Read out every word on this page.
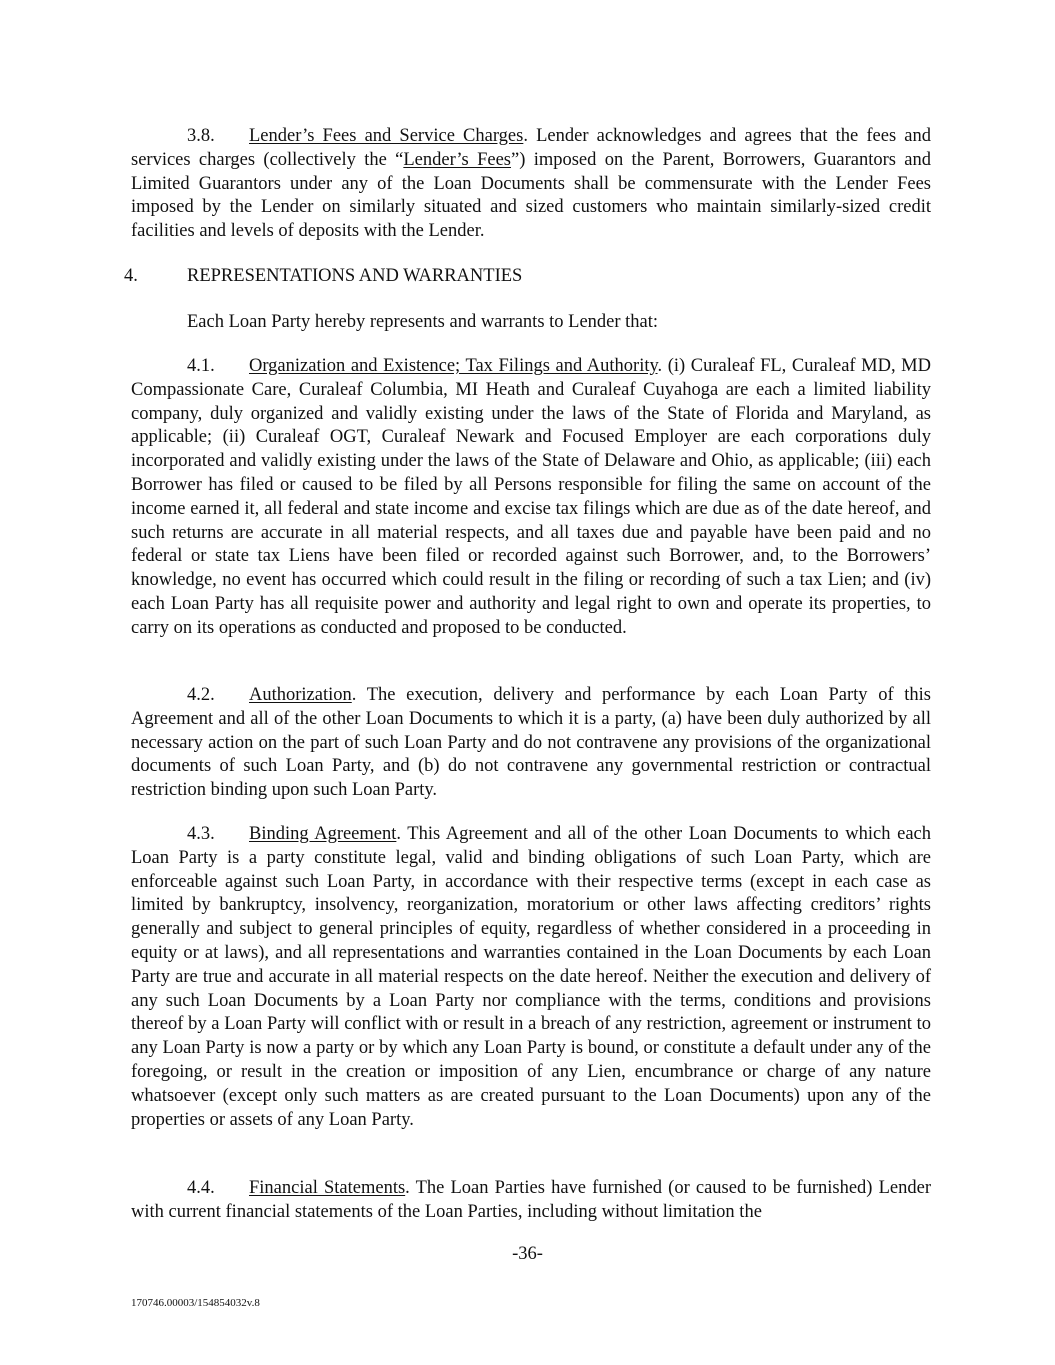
3.8. Lender’s Fees and Service Charges. Lender acknowledges and agrees that the fees and services charges (collectively the “Lender’s Fees”) imposed on the Parent, Borrowers, Guarantors and Limited Guarantors under any of the Loan Documents shall be commensurate with the Lender Fees imposed by the Lender on similarly situated and sized customers who maintain similarly-sized credit facilities and levels of deposits with the Lender.

4.	REPRESENTATIONS AND WARRANTIES

Each Loan Party hereby represents and warrants to Lender that:

4.1. Organization and Existence; Tax Filings and Authority. (i) Curaleaf FL, Curaleaf MD, MD Compassionate Care, Curaleaf Columbia, MI Heath and Curaleaf Cuyahoga are each a limited liability company, duly organized and validly existing under the laws of the State of Florida and Maryland, as applicable; (ii) Curaleaf OGT, Curaleaf Newark and Focused Employer are each corporations duly incorporated and validly existing under the laws of the State of Delaware and Ohio, as applicable; (iii) each Borrower has filed or caused to be filed by all Persons responsible for filing the same on account of the income earned it, all federal and state income and excise tax filings which are due as of the date hereof, and such returns are accurate in all material respects, and all taxes due and payable have been paid and no federal or state tax Liens have been filed or recorded against such Borrower, and, to the Borrowers’ knowledge, no event has occurred which could result in the filing or recording of such a tax Lien; and (iv) each Loan Party has all requisite power and authority and legal right to own and operate its properties, to carry on its operations as conducted and proposed to be conducted.

4.2. Authorization. The execution, delivery and performance by each Loan Party of this Agreement and all of the other Loan Documents to which it is a party, (a) have been duly authorized by all necessary action on the part of such Loan Party and do not contravene any provisions of the organizational documents of such Loan Party, and (b) do not contravene any governmental restriction or contractual restriction binding upon such Loan Party.

4.3. Binding Agreement. This Agreement and all of the other Loan Documents to which each Loan Party is a party constitute legal, valid and binding obligations of such Loan Party, which are enforceable against such Loan Party, in accordance with their respective terms (except in each case as limited by bankruptcy, insolvency, reorganization, moratorium or other laws affecting creditors’ rights generally and subject to general principles of equity, regardless of whether considered in a proceeding in equity or at laws), and all representations and warranties contained in the Loan Documents by each Loan Party are true and accurate in all material respects on the date hereof. Neither the execution and delivery of any such Loan Documents by a Loan Party nor compliance with the terms, conditions and provisions thereof by a Loan Party will conflict with or result in a breach of any restriction, agreement or instrument to any Loan Party is now a party or by which any Loan Party is bound, or constitute a default under any of the foregoing, or result in the creation or imposition of any Lien, encumbrance or charge of any nature whatsoever (except only such matters as are created pursuant to the Loan Documents) upon any of the properties or assets of any Loan Party.

4.4. Financial Statements. The Loan Parties have furnished (or caused to be furnished) Lender with current financial statements of the Loan Parties, including without limitation the

-36-
170746.00003/154854032v.8
